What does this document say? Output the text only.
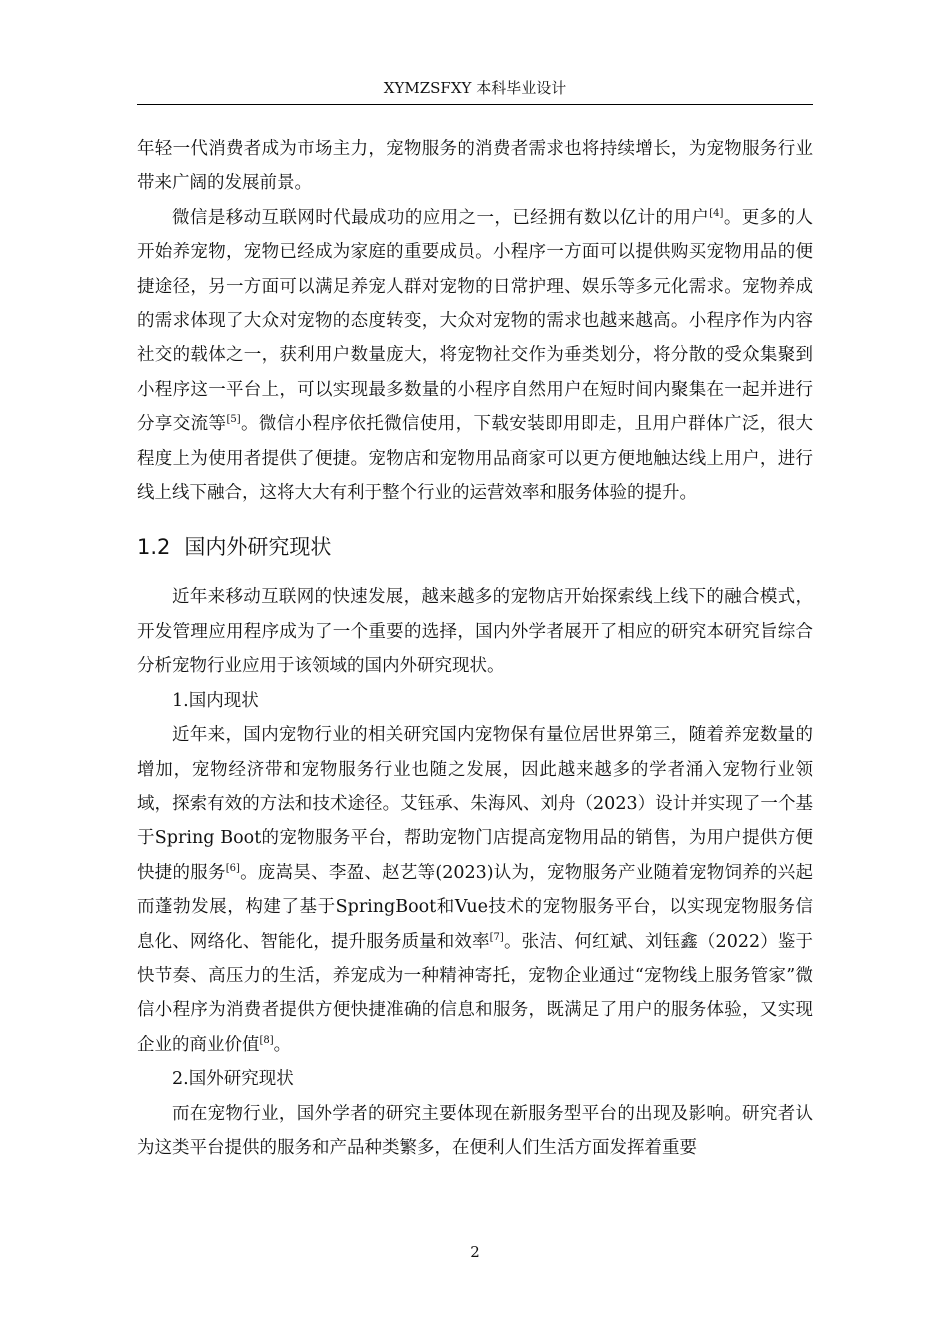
XYMZSFXY 本科毕业设计

年轻一代消费者成为市场主力，宠物服务的消费者需求也将持续增长，为宠物服务行业带来广阔的发展前景。

微信是移动互联网时代最成功的应用之一，已经拥有数以亿计的用户[4]。更多的人开始养宠物，宠物已经成为家庭的重要成员。小程序一方面可以提供购买宠物用品的便捷途径，另一方面可以满足养宠人群对宠物的日常护理、娱乐等多元化需求。宠物养成的需求体现了大众对宠物的态度转变，大众对宠物的需求也越来越高。小程序作为内容社交的载体之一，获利用户数量庞大，将宠物社交作为垂类划分，将分散的受众集聚到小程序这一平台上，可以实现最多数量的小程序自然用户在短时间内聚集在一起并进行分享交流等[5]。微信小程序依托微信使用，下载安装即用即走，且用户群体广泛，很大程度上为使用者提供了便捷。宠物店和宠物用品商家可以更方便地触达线上用户，进行线上线下融合，这将大大有利于整个行业的运营效率和服务体验的提升。

1.2 国内外研究现状

近年来移动互联网的快速发展，越来越多的宠物店开始探索线上线下的融合模式，开发管理应用程序成为了一个重要的选择，国内外学者展开了相应的研究本研究旨综合分析宠物行业应用于该领域的国内外研究现状。

1.国内现状

近年来，国内宠物行业的相关研究国内宠物保有量位居世界第三，随着养宠数量的增加，宠物经济带和宠物服务行业也随之发展，因此越来越多的学者涌入宠物行业领域，探索有效的方法和技术途径。艾钰承、朱海风、刘舟（2023）设计并实现了一个基于Spring Boot的宠物服务平台，帮助宠物门店提高宠物用品的销售，为用户提供方便快捷的服务[6]。庞嵩昊、李盈、赵艺等(2023)认为，宠物服务产业随着宠物饲养的兴起而蓬勃发展，构建了基于SpringBoot和Vue技术的宠物服务平台，以实现宠物服务信息化、网络化、智能化，提升服务质量和效率[7]。张洁、何红斌、刘钰鑫（2022）鉴于快节奏、高压力的生活，养宠成为一种精神寄托，宠物企业通过“宠物线上服务管家”微信小程序为消费者提供方便快捷准确的信息和服务，既满足了用户的服务体验，又实现企业的商业价值[8]。

2.国外研究现状

而在宠物行业，国外学者的研究主要体现在新服务型平台的出现及影响。研究者认为这类平台提供的服务和产品种类繁多，在便利人们生活方面发挥着重要

2
